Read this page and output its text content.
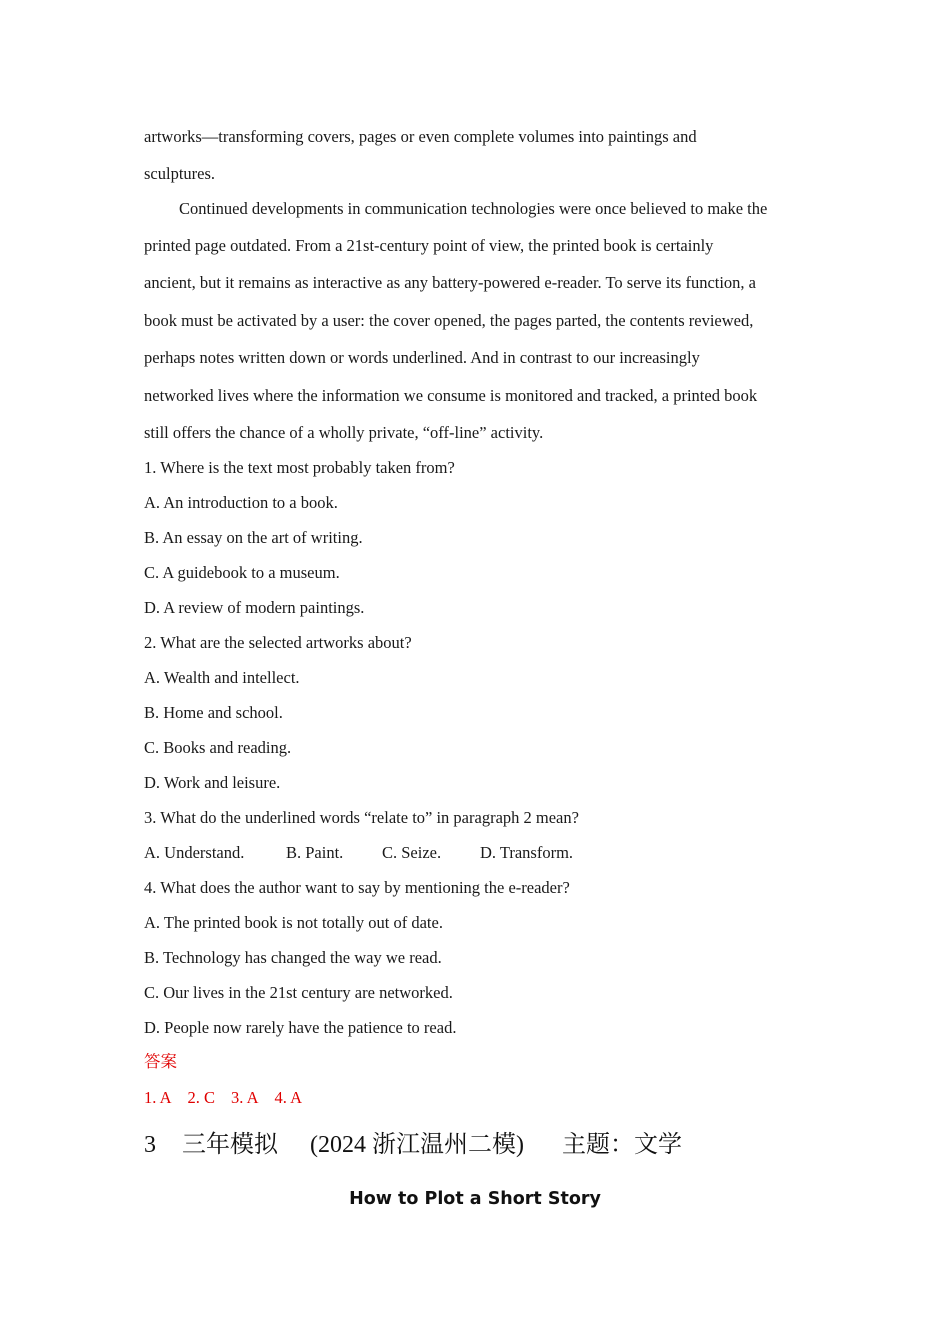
artworks—transforming covers, pages or even complete volumes into paintings and
sculptures.
Continued developments in communication technologies were once believed to make the
printed page outdated. From a 21st-century point of view, the printed book is certainly
ancient, but it remains as interactive as any battery-powered e-reader. To serve its function, a
book must be activated by a user: the cover opened, the pages parted, the contents reviewed,
perhaps notes written down or words underlined. And in contrast to our increasingly
networked lives where the information we consume is monitored and tracked, a printed book
still offers the chance of a wholly private, “off-line” activity.
1. Where is the text most probably taken from?
A. An introduction to a book.
B. An essay on the art of writing.
C. A guidebook to a museum.
D. A review of modern paintings.
2. What are the selected artworks about?
A. Wealth and intellect.
B. Home and school.
C. Books and reading.
D. Work and leisure.
3. What do the underlined words “relate to” in paragraph 2 mean?
A. Understand.	B. Paint. C. Seize. D. Transform.
4. What does the author want to say by mentioning the e-reader?
A. The printed book is not totally out of date.
B. Technology has changed the way we read.
C. Our lives in the 21st century are networked.
D. People now rarely have the patience to read.
答案
1. A 2. C 3. A 4. A
3 三年模拟 (2024 浙江温州二模) 主题：文学
How to Plot a Short Story
